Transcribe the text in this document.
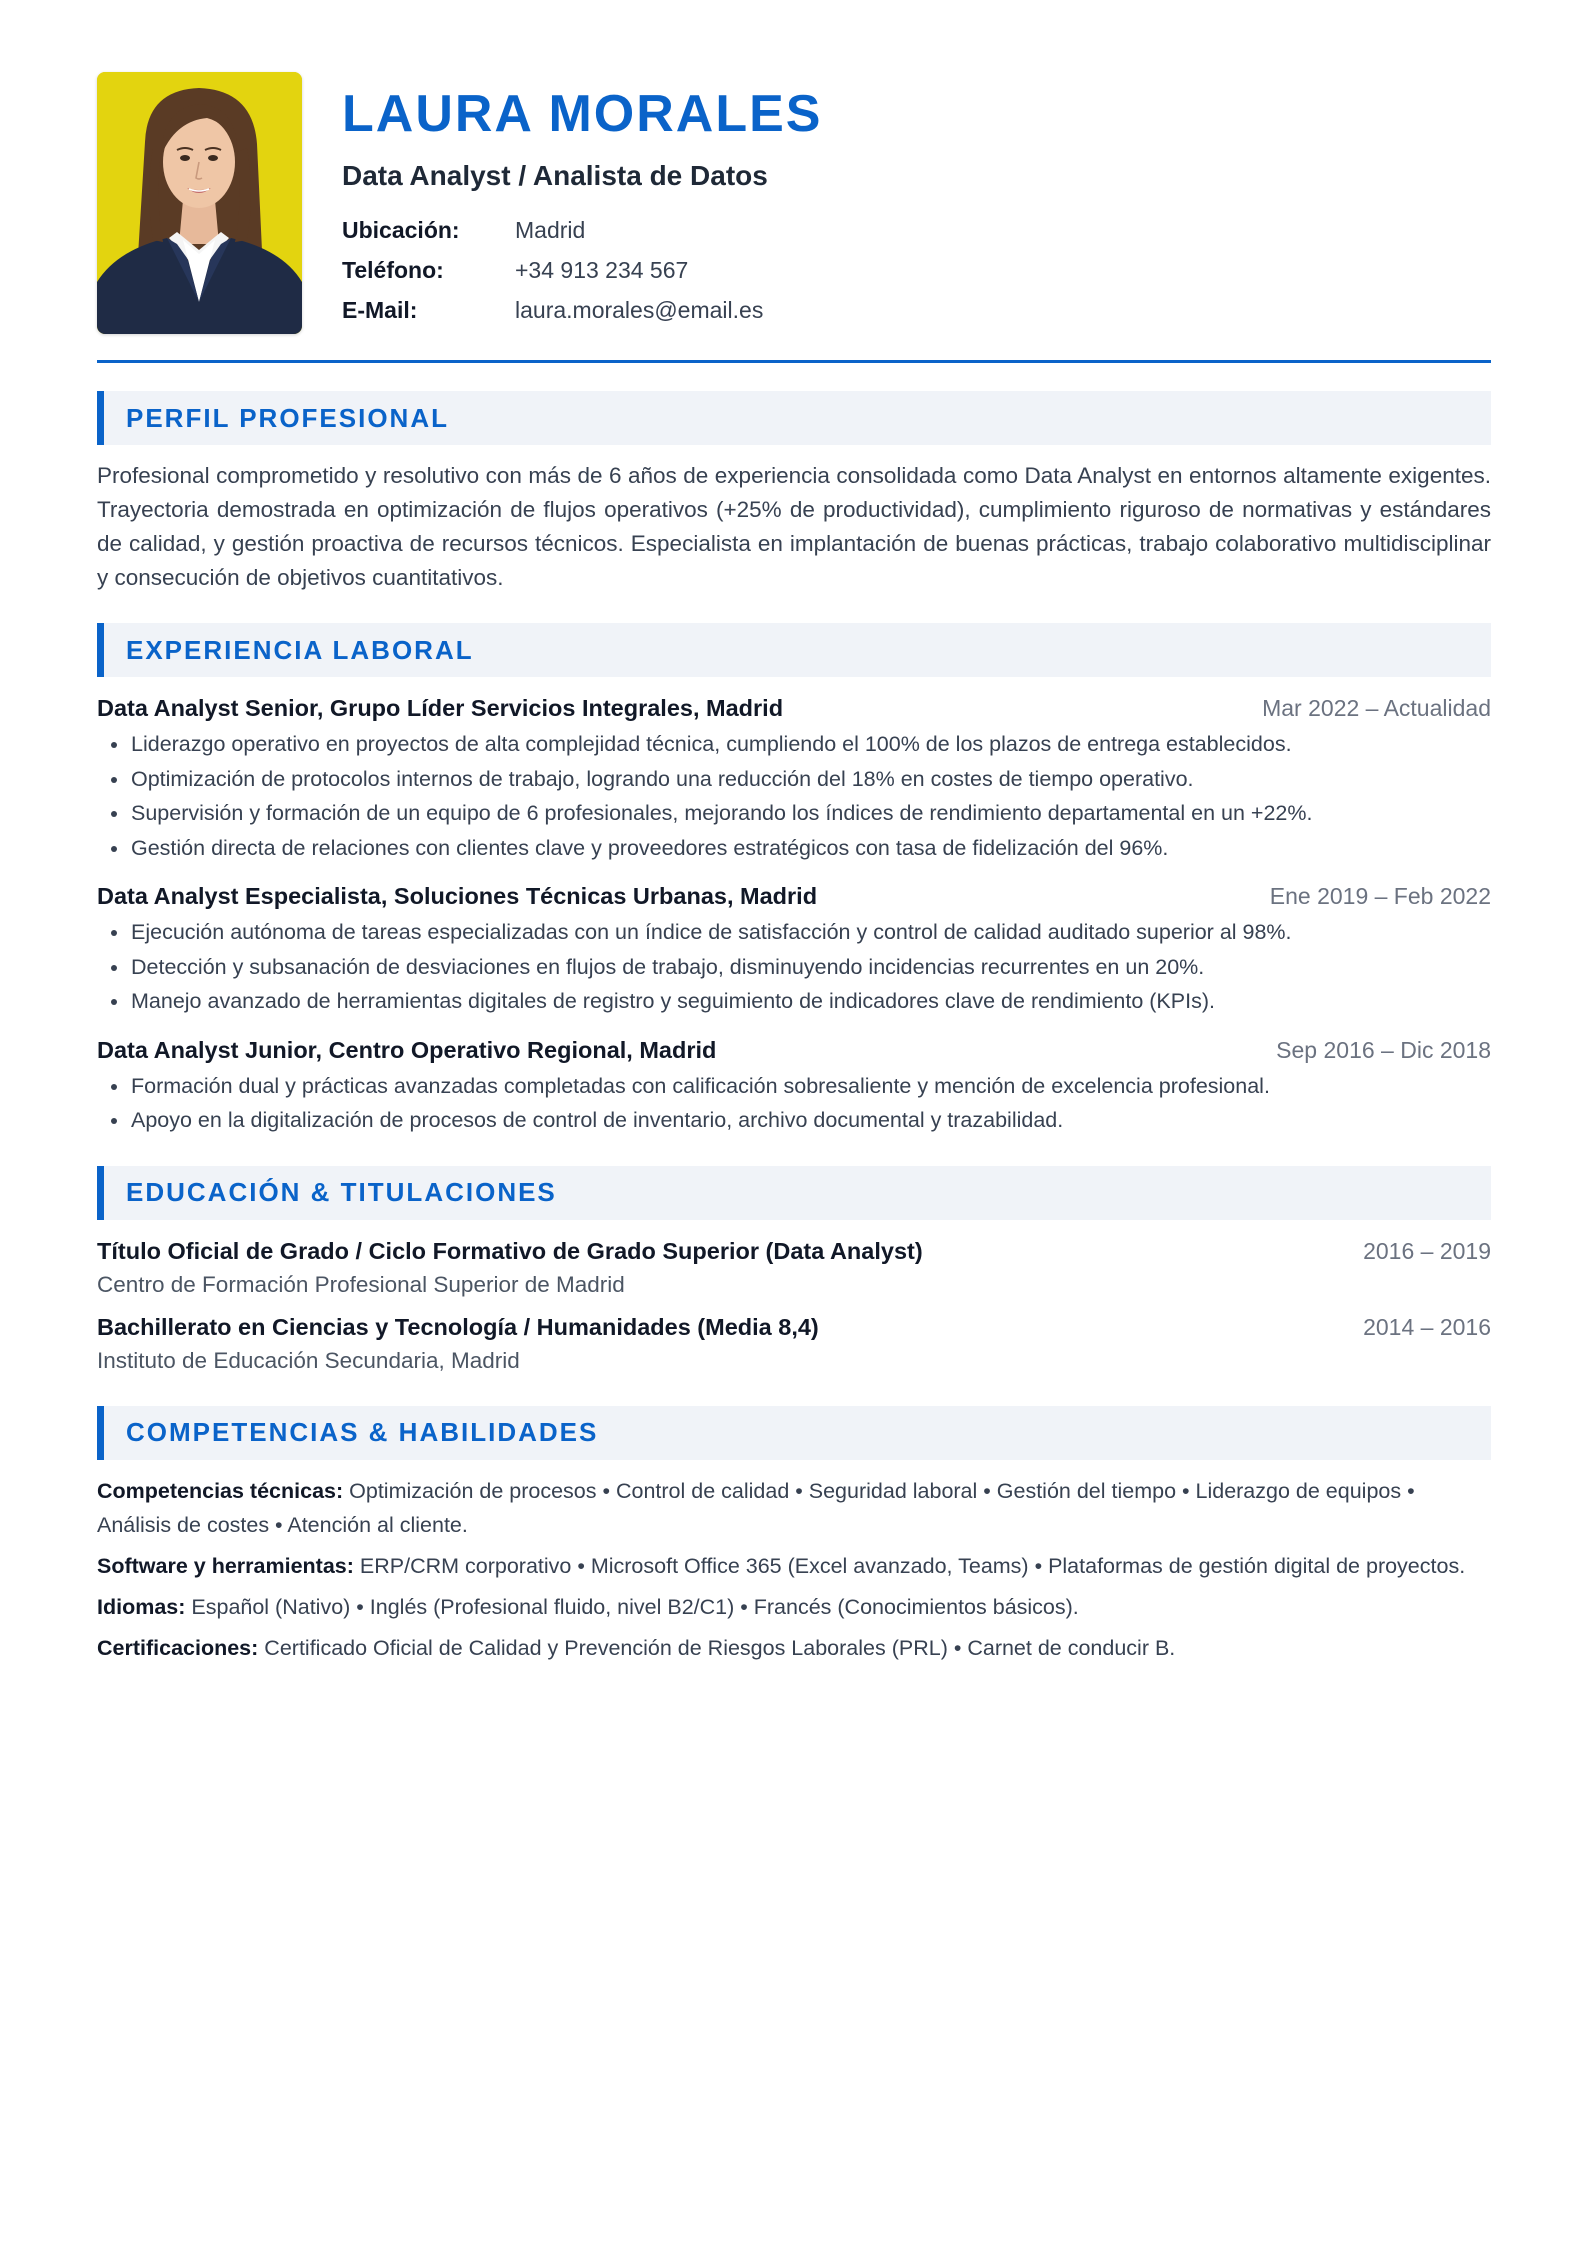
LAURA MORALES
Data Analyst / Analista de Datos
Ubicación:	Madrid
Teléfono:	+34 913 234 567
E-Mail:	laura.morales@email.es
PERFIL PROFESIONAL

Profesional comprometido y resolutivo con más de 6 años de experiencia consolidada como Data Analyst en entornos altamente exigentes. Trayectoria demostrada en optimización de flujos operativos (+25% de productividad), cumplimiento riguroso de normativas y estándares de calidad, y gestión proactiva de recursos técnicos. Especialista en implantación de buenas prácticas, trabajo colaborativo multidisciplinar y consecución de objetivos cuantitativos.

EXPERIENCIA LABORAL
Data Analyst Senior, Grupo Líder Servicios Integrales, Madrid	Mar 2022 – Actualidad
Liderazgo operativo en proyectos de alta complejidad técnica, cumpliendo el 100% de los plazos de entrega establecidos.
Optimización de protocolos internos de trabajo, logrando una reducción del 18% en costes de tiempo operativo.
Supervisión y formación de un equipo de 6 profesionales, mejorando los índices de rendimiento departamental en un +22%.
Gestión directa de relaciones con clientes clave y proveedores estratégicos con tasa de fidelización del 96%.
Data Analyst Especialista, Soluciones Técnicas Urbanas, Madrid	Ene 2019 – Feb 2022
Ejecución autónoma de tareas especializadas con un índice de satisfacción y control de calidad auditado superior al 98%.
Detección y subsanación de desviaciones en flujos de trabajo, disminuyendo incidencias recurrentes en un 20%.
Manejo avanzado de herramientas digitales de registro y seguimiento de indicadores clave de rendimiento (KPIs).
Data Analyst Junior, Centro Operativo Regional, Madrid	Sep 2016 – Dic 2018
Formación dual y prácticas avanzadas completadas con calificación sobresaliente y mención de excelencia profesional.
Apoyo en la digitalización de procesos de control de inventario, archivo documental y trazabilidad.
EDUCACIÓN & TITULACIONES
Título Oficial de Grado / Ciclo Formativo de Grado Superior (Data Analyst)	2016 – 2019
Centro de Formación Profesional Superior de Madrid
Bachillerato en Ciencias y Tecnología / Humanidades (Media 8,4)	2014 – 2016
Instituto de Educación Secundaria, Madrid
COMPETENCIAS & HABILIDADES

Competencias técnicas: Optimización de procesos • Control de calidad • Seguridad laboral • Gestión del tiempo • Liderazgo de equipos • Análisis de costes • Atención al cliente.

Software y herramientas: ERP/CRM corporativo • Microsoft Office 365 (Excel avanzado, Teams) • Plataformas de gestión digital de proyectos.

Idiomas: Español (Nativo) • Inglés (Profesional fluido, nivel B2/C1) • Francés (Conocimientos básicos).

Certificaciones: Certificado Oficial de Calidad y Prevención de Riesgos Laborales (PRL) • Carnet de conducir B.
